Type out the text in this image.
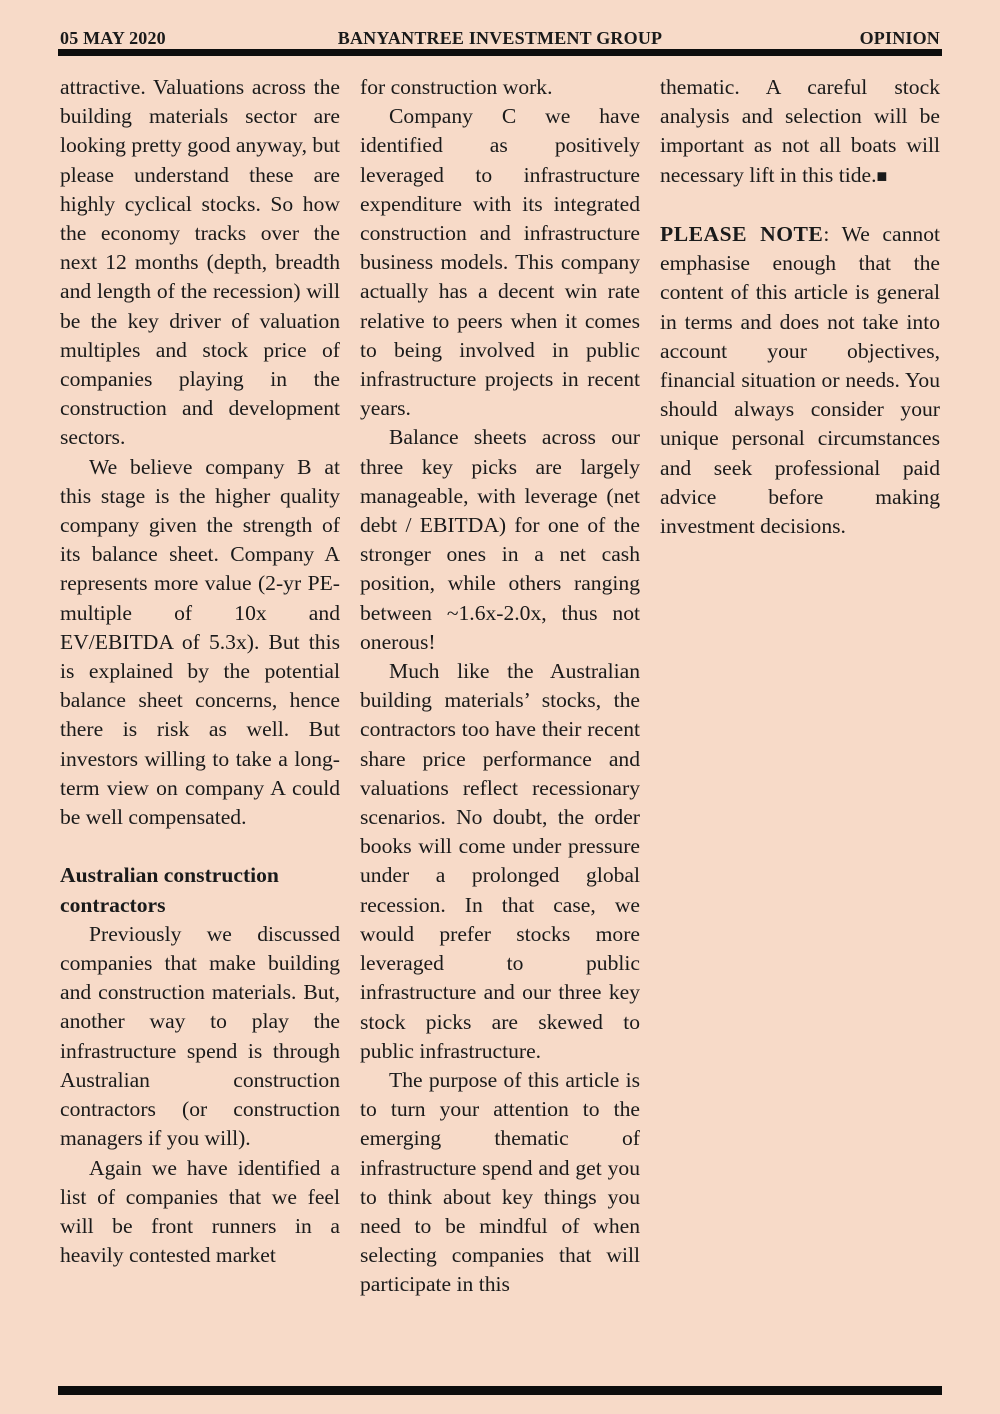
05 MAY 2020	BANYANTREE INVESTMENT GROUP	OPINION

attractive. Valuations across the building materials sector are looking pretty good anyway, but please understand these are highly cyclical stocks. So how the economy tracks over the next 12 months (depth, breadth and length of the recession) will be the key driver of valuation multiples and stock price of companies playing in the construction and development sectors.

We believe company B at this stage is the higher quality company given the strength of its balance sheet. Company A represents more value (2-yr PE-multiple of 10x and EV/EBITDA of 5.3x). But this is explained by the potential balance sheet concerns, hence there is risk as well. But investors willing to take a long-term view on company A could be well compensated.

Australian construction contractors

Previously we discussed companies that make building and construction materials. But, another way to play the infrastructure spend is through Australian construction contractors (or construction managers if you will).

Again we have identified a list of companies that we feel will be front runners in a heavily contested market

for construction work.

Company C we have identified as positively leveraged to infrastructure expenditure with its integrated construction and infrastructure business models. This company actually has a decent win rate relative to peers when it comes to being involved in public infrastructure projects in recent years.

Balance sheets across our three key picks are largely manageable, with leverage (net debt / EBITDA) for one of the stronger ones in a net cash position, while others ranging between ~1.6x-2.0x, thus not onerous!

Much like the Australian building materials’ stocks, the contractors too have their recent share price performance and valuations reflect recessionary scenarios. No doubt, the order books will come under pressure under a prolonged global recession. In that case, we would prefer stocks more leveraged to public infrastructure and our three key stock picks are skewed to public infrastructure.

The purpose of this article is to turn your attention to the emerging thematic of infrastructure spend and get you to think about key things you need to be mindful of when selecting companies that will participate in this

thematic. A careful stock analysis and selection will be important as not all boats will necessary lift in this tide.■

PLEASE NOTE: We cannot emphasise enough that the content of this article is general in terms and does not take into account your objectives, financial situation or needs. You should always consider your unique personal circumstances and seek professional paid advice before making investment decisions.
